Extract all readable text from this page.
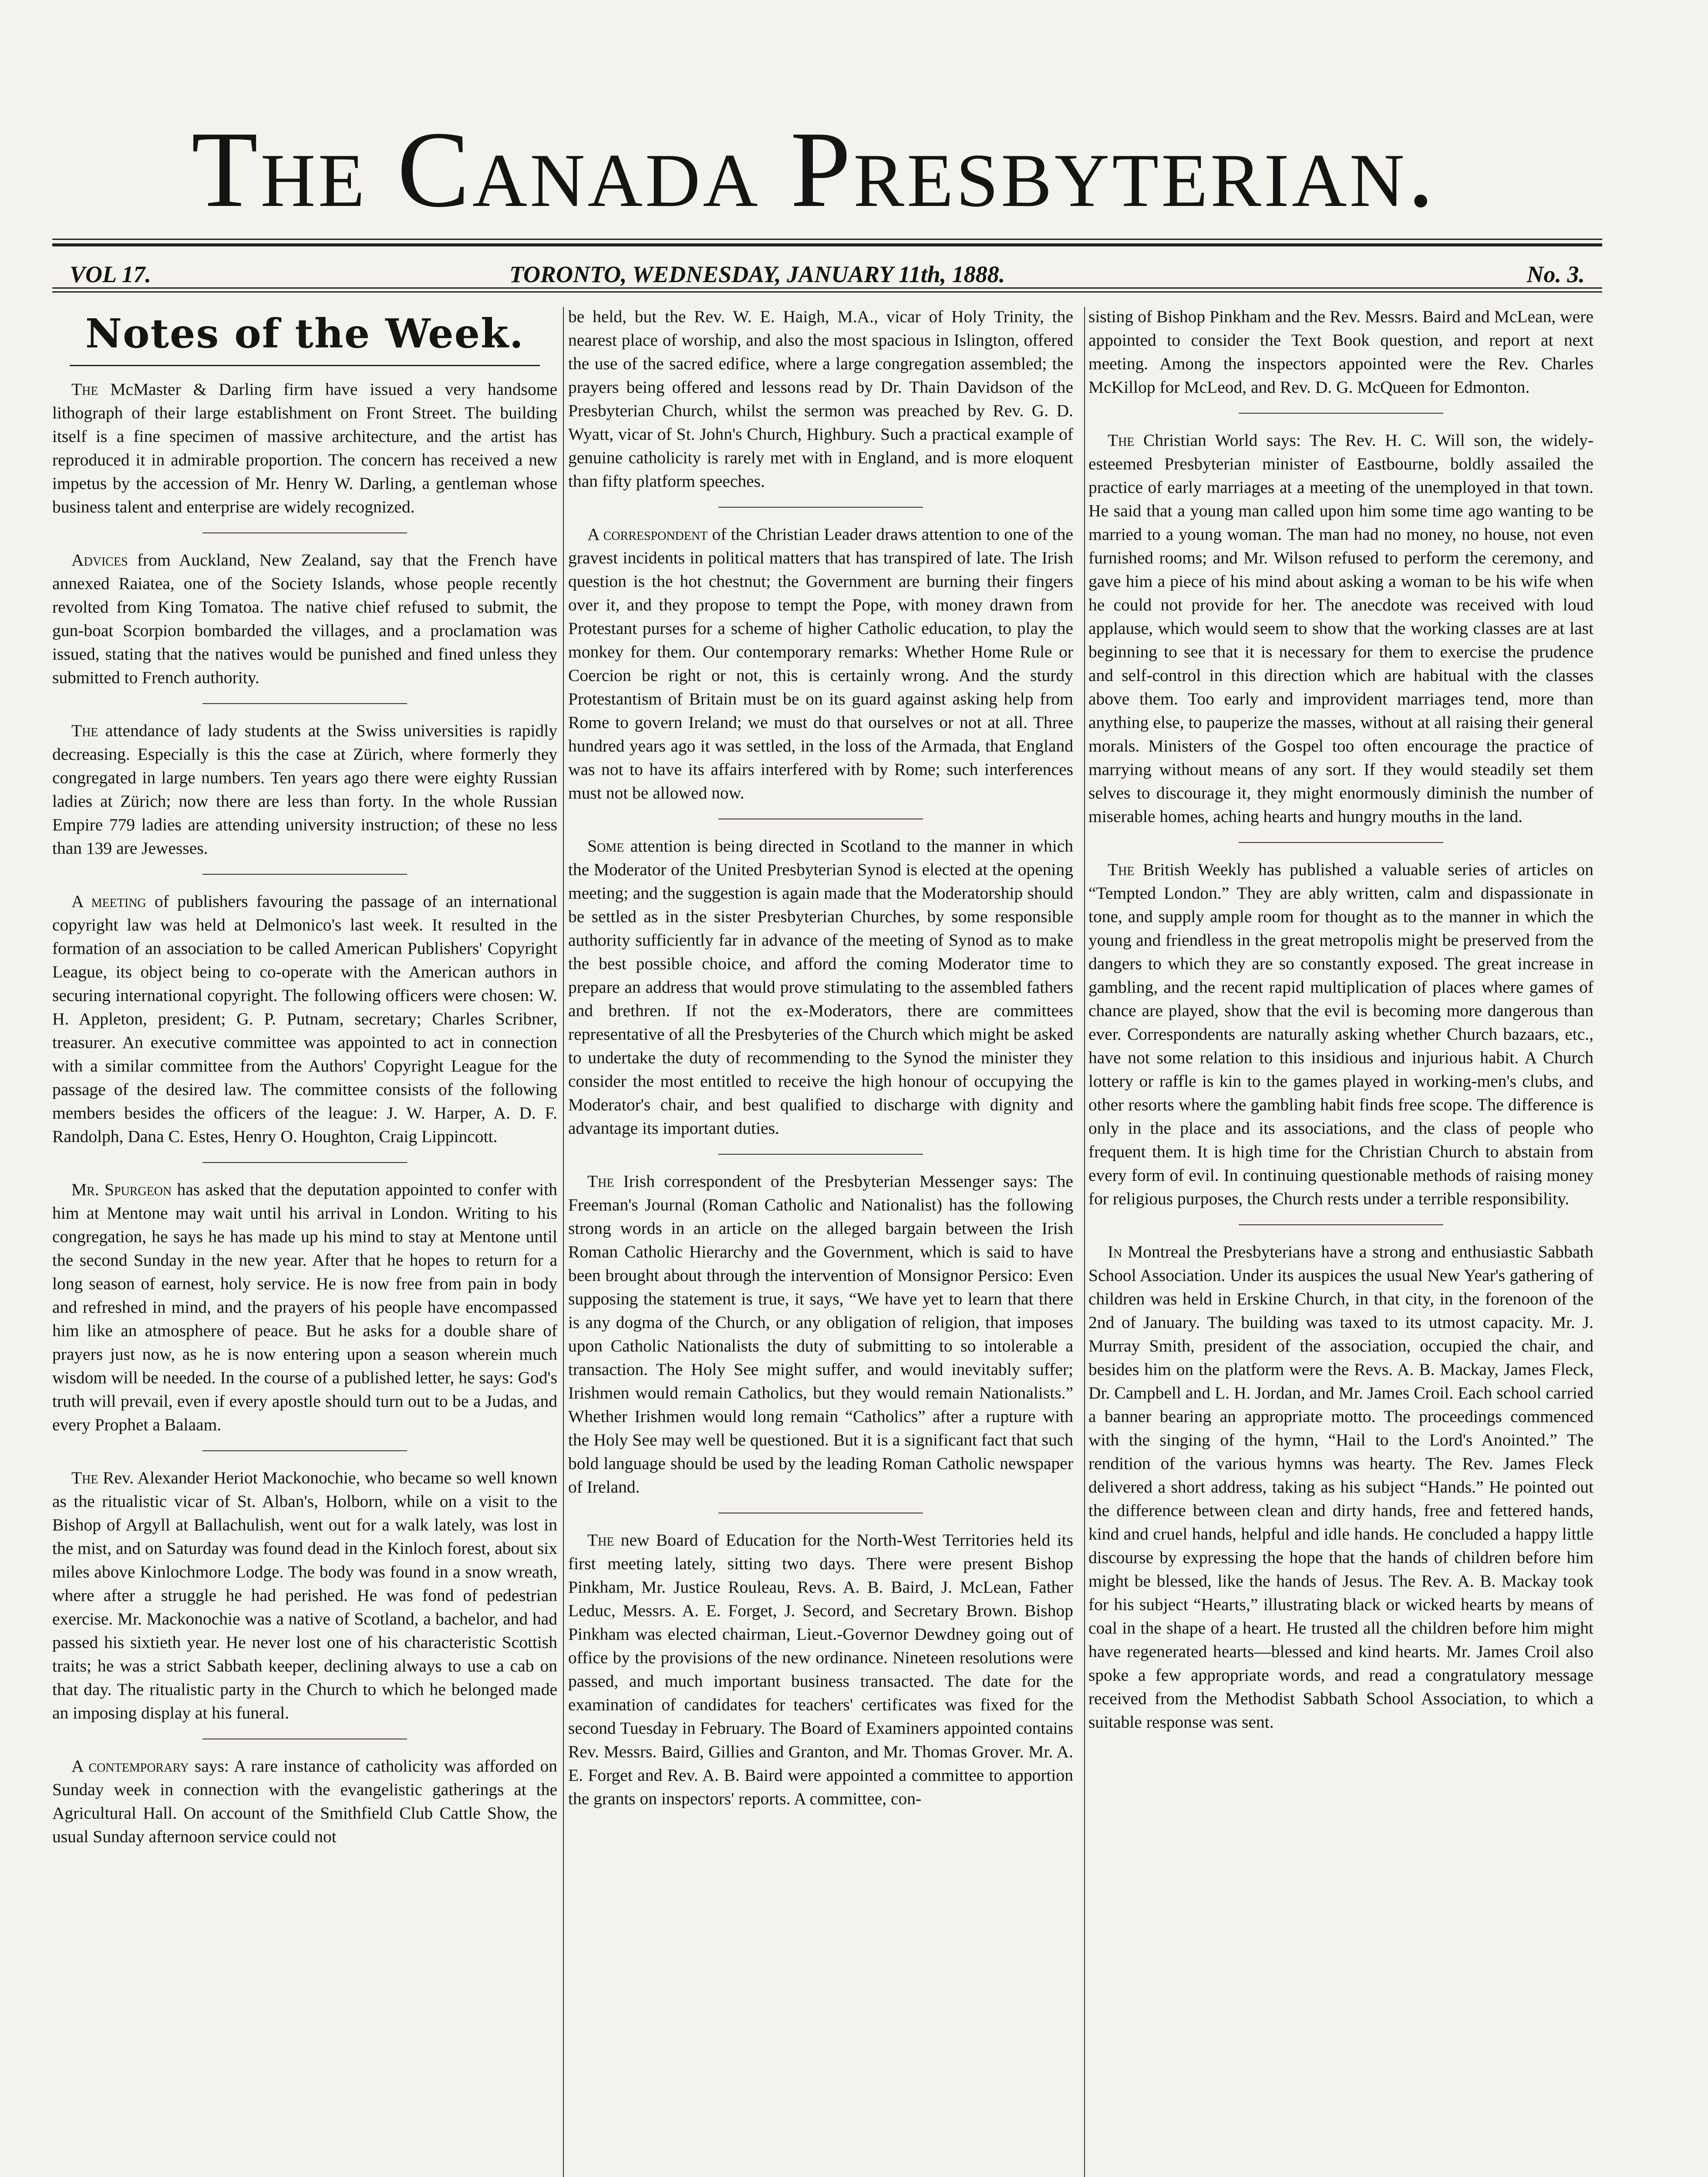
The Canada Presbyterian.
VOL 17.	TORONTO, WEDNESDAY, JANUARY 11th, 1888.	No. 3.
Notes of the Week.

The McMaster & Darling firm have issued a very handsome lithograph of their large establishment on Front Street. The building itself is a fine specimen of massive architecture, and the artist has reproduced it in admirable proportion. The concern has received a new impetus by the accession of Mr. Henry W. Darling, a gentleman whose business talent and enterprise are widely recognized.

Advices from Auckland, New Zealand, say that the French have annexed Raiatea, one of the Society Islands, whose people recently revolted from King Tomatoa. The native chief refused to submit, the gun-boat Scorpion bombarded the villages, and a proclamation was issued, stating that the natives would be punished and fined unless they submitted to French authority.

The attendance of lady students at the Swiss universities is rapidly decreasing. Especially is this the case at Zürich, where formerly they congregated in large numbers. Ten years ago there were eighty Russian ladies at Zürich; now there are less than forty. In the whole Russian Empire 779 ladies are attending university instruction; of these no less than 139 are Jewesses.

A meeting of publishers favouring the passage of an international copyright law was held at Delmonico's last week. It resulted in the formation of an association to be called American Publishers' Copyright League, its object being to co-operate with the American authors in securing international copyright. The following officers were chosen: W. H. Appleton, president; G. P. Putnam, secretary; Charles Scribner, treasurer. An executive committee was appointed to act in connection with a similar committee from the Authors' Copyright League for the passage of the desired law. The committee consists of the following members besides the officers of the league: J. W. Harper, A. D. F. Randolph, Dana C. Estes, Henry O. Houghton, Craig Lippincott.

Mr. Spurgeon has asked that the deputation appointed to confer with him at Mentone may wait until his arrival in London. Writing to his congregation, he says he has made up his mind to stay at Mentone until the second Sunday in the new year. After that he hopes to return for a long season of earnest, holy service. He is now free from pain in body and refreshed in mind, and the prayers of his people have encompassed him like an atmosphere of peace. But he asks for a double share of prayers just now, as he is now entering upon a season wherein much wisdom will be needed. In the course of a published letter, he says: God's truth will prevail, even if every apostle should turn out to be a Judas, and every Prophet a Balaam.

The Rev. Alexander Heriot Mackonochie, who became so well known as the ritualistic vicar of St. Alban's, Holborn, while on a visit to the Bishop of Argyll at Ballachulish, went out for a walk lately, was lost in the mist, and on Saturday was found dead in the Kinloch forest, about six miles above Kinlochmore Lodge. The body was found in a snow wreath, where after a struggle he had perished. He was fond of pedestrian exercise. Mr. Mackonochie was a native of Scotland, a bachelor, and had passed his sixtieth year. He never lost one of his characteristic Scottish traits; he was a strict Sabbath keeper, declining always to use a cab on that day. The ritualistic party in the Church to which he belonged made an imposing display at his funeral.

A contemporary says: A rare instance of catholicity was afforded on Sunday week in connection with the evangelistic gatherings at the Agricultural Hall. On account of the Smithfield Club Cattle Show, the usual Sunday afternoon service could not

be held, but the Rev. W. E. Haigh, M.A., vicar of Holy Trinity, the nearest place of worship, and also the most spacious in Islington, offered the use of the sacred edifice, where a large congregation assembled; the prayers being offered and lessons read by Dr. Thain Davidson of the Presbyterian Church, whilst the sermon was preached by Rev. G. D. Wyatt, vicar of St. John's Church, Highbury. Such a practical example of genuine catholicity is rarely met with in England, and is more eloquent than fifty platform speeches.

A correspondent of the Christian Leader draws attention to one of the gravest incidents in political matters that has transpired of late. The Irish question is the hot chestnut; the Government are burning their fingers over it, and they propose to tempt the Pope, with money drawn from Protestant purses for a scheme of higher Catholic education, to play the monkey for them. Our contemporary remarks: Whether Home Rule or Coercion be right or not, this is certainly wrong. And the sturdy Protestantism of Britain must be on its guard against asking help from Rome to govern Ireland; we must do that ourselves or not at all. Three hundred years ago it was settled, in the loss of the Armada, that England was not to have its affairs interfered with by Rome; such interferences must not be allowed now.

Some attention is being directed in Scotland to the manner in which the Moderator of the United Presbyterian Synod is elected at the opening meeting; and the suggestion is again made that the Moderatorship should be settled as in the sister Presbyterian Churches, by some responsible authority sufficiently far in advance of the meeting of Synod as to make the best possible choice, and afford the coming Moderator time to prepare an address that would prove stimulating to the assembled fathers and brethren. If not the ex-Moderators, there are committees representative of all the Presbyteries of the Church which might be asked to undertake the duty of recommending to the Synod the minister they consider the most entitled to receive the high honour of occupying the Moderator's chair, and best qualified to discharge with dignity and advantage its important duties.

The Irish correspondent of the Presbyterian Messenger says: The Freeman's Journal (Roman Catholic and Nationalist) has the following strong words in an article on the alleged bargain between the Irish Roman Catholic Hierarchy and the Government, which is said to have been brought about through the intervention of Monsignor Persico: Even supposing the statement is true, it says, “We have yet to learn that there is any dogma of the Church, or any obligation of religion, that imposes upon Catholic Nationalists the duty of submitting to so intolerable a transaction. The Holy See might suffer, and would inevitably suffer; Irishmen would remain Catholics, but they would remain Nationalists.” Whether Irishmen would long remain “Catholics” after a rupture with the Holy See may well be questioned. But it is a significant fact that such bold language should be used by the leading Roman Catholic newspaper of Ireland.

The new Board of Education for the North-West Territories held its first meeting lately, sitting two days. There were present Bishop Pinkham, Mr. Justice Rouleau, Revs. A. B. Baird, J. McLean, Father Leduc, Messrs. A. E. Forget, J. Secord, and Secretary Brown. Bishop Pinkham was elected chairman, Lieut.-Governor Dewdney going out of office by the provisions of the new ordinance. Nineteen resolutions were passed, and much important business transacted. The date for the examination of candidates for teachers' certificates was fixed for the second Tuesday in February. The Board of Examiners appointed contains Rev. Messrs. Baird, Gillies and Granton, and Mr. Thomas Grover. Mr. A. E. Forget and Rev. A. B. Baird were appointed a committee to apportion the grants on inspectors' reports. A committee, con-

sisting of Bishop Pinkham and the Rev. Messrs. Baird and McLean, were appointed to consider the Text Book question, and report at next meeting. Among the inspectors appointed were the Rev. Charles McKillop for McLeod, and Rev. D. G. McQueen for Edmonton.

The Christian World says: The Rev. H. C. Will son, the widely-esteemed Presbyterian minister of Eastbourne, boldly assailed the practice of early marriages at a meeting of the unemployed in that town. He said that a young man called upon him some time ago wanting to be married to a young woman. The man had no money, no house, not even furnished rooms; and Mr. Wilson refused to perform the ceremony, and gave him a piece of his mind about asking a woman to be his wife when he could not provide for her. The anecdote was received with loud applause, which would seem to show that the working classes are at last beginning to see that it is necessary for them to exercise the prudence and self-control in this direction which are habitual with the classes above them. Too early and improvident marriages tend, more than anything else, to pauperize the masses, without at all raising their general morals. Ministers of the Gospel too often encourage the practice of marrying without means of any sort. If they would steadily set them selves to discourage it, they might enormously diminish the number of miserable homes, aching hearts and hungry mouths in the land.

The British Weekly has published a valuable series of articles on “Tempted London.” They are ably written, calm and dispassionate in tone, and supply ample room for thought as to the manner in which the young and friendless in the great metropolis might be preserved from the dangers to which they are so constantly exposed. The great increase in gambling, and the recent rapid multiplication of places where games of chance are played, show that the evil is becoming more dangerous than ever. Correspondents are naturally asking whether Church bazaars, etc., have not some relation to this insidious and injurious habit. A Church lottery or raffle is kin to the games played in working-men's clubs, and other resorts where the gambling habit finds free scope. The difference is only in the place and its associations, and the class of people who frequent them. It is high time for the Christian Church to abstain from every form of evil. In continuing questionable methods of raising money for religious purposes, the Church rests under a terrible responsibility.

In Montreal the Presbyterians have a strong and enthusiastic Sabbath School Association. Under its auspices the usual New Year's gathering of children was held in Erskine Church, in that city, in the forenoon of the 2nd of January. The building was taxed to its utmost capacity. Mr. J. Murray Smith, president of the association, occupied the chair, and besides him on the platform were the Revs. A. B. Mackay, James Fleck, Dr. Campbell and L. H. Jordan, and Mr. James Croil. Each school carried a banner bearing an appropriate motto. The proceedings commenced with the singing of the hymn, “Hail to the Lord's Anointed.” The rendition of the various hymns was hearty. The Rev. James Fleck delivered a short address, taking as his subject “Hands.” He pointed out the difference between clean and dirty hands, free and fettered hands, kind and cruel hands, helpful and idle hands. He concluded a happy little discourse by expressing the hope that the hands of children before him might be blessed, like the hands of Jesus. The Rev. A. B. Mackay took for his subject “Hearts,” illustrating black or wicked hearts by means of coal in the shape of a heart. He trusted all the children before him might have regenerated hearts—blessed and kind hearts. Mr. James Croil also spoke a few appropriate words, and read a congratulatory message received from the Methodist Sabbath School Association, to which a suitable response was sent.
